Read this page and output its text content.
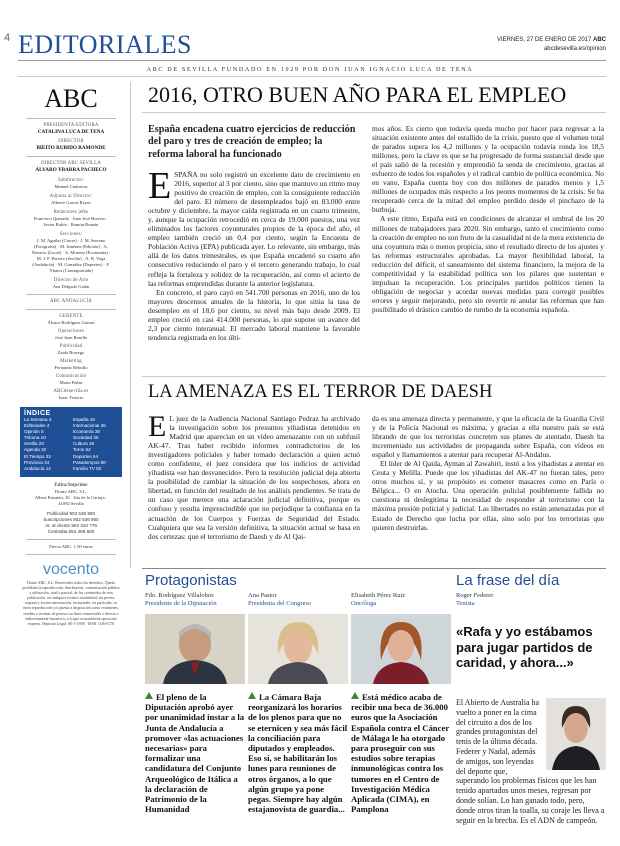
4 EDITORIALES	VIERNES, 27 DE ENERO DE 2017 ABC
abcdesevilla.es/opinion
ABC DE SEVILLA FUNDADO EN 1929 POR DON JUAN IGNACIO LUCA DE TENA
ABC
PRESIDENTA-EDITORA
CATALINA LUCA DE TENA
DIRECTOR
BIEITO RUBIDO RAMONDE
DIRECTOR ABC SEVILLA
ÁLVARO YBARRA PACHECO
Subdirector:
Manuel Contreras
Adjunta al Director:
Alberto García Reyes
Redactores jefes
Francisco Quesada · Juan José Borrero · Javier Rubio · Ramón Román
Secciones:
J. M. Aguilar (Cierre) · J. M. Serrano (Fotografía) · M. Jiménez (Edición) · A. Navarro (Local) · A. Moreno (Economía) · M. J. F. Pereira (Sevilla) · A. R. Vega (Andalucía) · M. González (Deportes) · F. Ybarra (Contraportada)
Director de Arte
Ana Delgado Galán
ABC ANDALUCÍA
GERENTE
Álvaro Rodríguez Guitart
Operaciones
José Juan Bonilla
Publicidad
Zaida Borrego
Marketing
Fernando Rebollo
Comunicación
Marta Peñas
ABCdesevilla.es
Isaac Tenorio
ÍNDICE
La Semana 3	España 16
Editoriales 4	Internacional 26
Opinión 5	Economía 30
Tribuna 10	Sociedad 36
Sevilla 20	Cultura 46
Agenda 32	Toros 62
El Tiempo 33	Deportes 64
Provincia 34	Pasatiempos 80
Andalucía 14	Familia TV 82
Edita/Imprime
Diario ABC, S.L.
Albert Einstein, 10 · Isla de la Cartuja · 41092 Sevilla
Publicidad 902 536 900
Suscripciones 902 536 900
At. al cliente 902 334 776
Centralita 954 488 600
Precio ABC: 1,50 euros
vocento
Diario ABC, S.L. Reservados todos los derechos. Queda prohibida la reproducción, distribución, comunicación pública y utilización, total o parcial, de los contenidos de esta publicación, en cualquier forma o modalidad, sin previa, expresa y escrita autorización, incluyendo, en particular, su mera reproducción y/o puesta a disposición como resúmenes, reseñas o revistas de prensa con fines comerciales o directa o indirectamente lucrativos, a lo que se manifiesta oposición expresa. Depósito Legal: SE-1-1958 · ISSN 1136-0178
2016, OTRO BUEN AÑO PARA EL EMPLEO
España encadena cuatro ejercicios de reducción del paro y tres de creación de empleo; la reforma laboral ha funcionado
E SPAÑA no solo registró un excelente dato de crecimiento en 2016, superior al 3 por ciento, sino que mantuvo un ritmo muy positivo de creación de empleo, con la consiguiente reducción del paro. El número de desempleados bajó en 83.000 entre octubre y diciembre, la mayor caída registrada en un cuarto trimestre, y, aunque la ocupación retrocedió en cerca de 19.000 puestos, una vez eliminados los factores coyunturales propios de la época del año, el empleo también creció un 0,4 por ciento, según la Encuesta de Población Activa (EPA) publicada ayer. Lo relevante, sin embargo, más allá de los datos trimestrales, es que España encadenó su cuarto año consecutivo reduciendo el paro y el tercero generando trabajo, lo cual refleja la fortaleza y solidez de la recuperación, así como el acierto de las reformas emprendidas durante la anterior legislatura.
En concreto, el paro cayó en 541.700 personas en 2016, uno de los mayores descensos anuales de la historia, lo que sitúa la tasa de desempleo en el 18,6 por ciento, su nivel más bajo desde 2009. El empleo creció en casi 414.000 personas, lo que supone un avance del 2,3 por ciento interanual. El mercado laboral mantiene la favorable tendencia registrada en los últi-
mos años. Es cierto que todavía queda mucho por hacer para regresar a la situación existente antes del estallido de la crisis, puesto que el volumen total de parados supera los 4,2 millones y la ocupación todavía ronda los 18,5 millones, pero la clave es que se ha progresado de forma sustancial desde que el país salió de la recesión y emprendió la senda de crecimiento, gracias al esfuerzo de todos los españoles y el radical cambio de política económica. No en vano, España cuenta hoy con dos millones de parados menos y 1,5 millones de ocupados más respecto a los peores momentos de la crisis. Se ha recuperado cerca de la mitad del empleo perdido desde el pinchazo de la burbuja.
A este ritmo, España está en condiciones de alcanzar el umbral de los 20 millones de trabajadores para 2020. Sin embargo, tanto el crecimiento como la creación de empleo no son fruto de la casualidad ni de la mera existencia de una coyuntura más o menos propicia, sino el resultado directo de los ajustes y las reformas estructurales aprobadas. La mayor flexibilidad laboral, la reducción del déficit, el saneamiento del sistema financiero, la mejora de la competitividad y la estabilidad política son los pilares que sustentan e impulsan la recuperación. Los principales partidos políticos tienen la obligación de negociar y acordar nuevas medidas para corregir posibles errores y seguir mejorando, pero sin revertir ni anular las reformas que han posibilitado el drástico cambio de rumbo de la economía española.
LA AMENAZA ES EL TERROR DE DAESH
E L juez de la Audiencia Nacional Santiago Pedraz ha archivado la investigación sobre los presuntos yihadistas detenidos en Madrid que aparecían en un vídeo amenazante con un subfusil AK-47. Tras haber recibido informes contradictorios de los investigadores policiales y haber tomado declaración a quien actuó como confidente, el juez considera que los indicios de actividad yihadista «se han desvanecido». Pero la resolución judicial deja abierta la posibilidad de cambiar la situación de los sospechosos, ahora en libertad, en función del resultado de los análisis pendientes. Se trata de un caso que merece una aclaración judicial definitiva, porque es confuso y resulta imprescindible que no perjudique la confianza en la actuación de los Cuerpos y Fuerzas de Seguridad del Estado. Cualquiera que sea la versión definitiva, la situación actual se basa en dos certezas: que el terrorismo de Daesh y de Al Qai-
da es una amenaza directa y permanente, y que la eficacia de la Guardia Civil y de la Policía Nacional es máxima, y gracias a ella nuestro país se está librando de que los terroristas concreten sus planes de atentado. Daesh ha incrementado sus actividades de propaganda sobre España, con vídeos en español y llamamientos a atentar para recuperar Al-Andalus.
El líder de Al Qaida, Ayman al Zawahiri, instó a los yihadistas a atentar en Ceuta y Melilla. Puede que los yihadistas del AK-47 no fueran tales, pero otros muchos sí, y su propósito es cometer masacres como en París o Bélgica... O en Atocha. Una operación policial posiblemente fallida no cuestiona ni deslegitima la necesidad de responder al terrorismo con la máxima presión policial y judicial. Las libertades no están amenazadas por el Estado de Derecho que lucha por ellas, sino solo por los terroristas que quieren destruirlas.
Protagonistas
Fdo. Rodríguez Villalobos
Presidente de la Diputación
El pleno de la Diputación aprobó ayer por unanimidad instar a la Junta de Andalucía a promover «las actuaciones necesarias» para formalizar una candidatura del Conjunto Arqueológico de Itálica a la declaración de Patrimonio de la Humanidad
Ana Pastor
Presidenta del Congreso
La Cámara Baja reorganizará los horarios de los plenos para que no se eternicen y sea más fácil la conciliación para diputados y empleados. Eso sí, se habilitarán los lunes para reuniones de otros órganos, a lo que algún grupo ya pone pegas. Siempre hay algún estajanovista de guardia...
Elisabeth Pérez Ruiz
Oncóloga
Está médico acaba de recibir una beca de 36.000 euros que la Asociación Española contra el Cáncer de Málaga le ha otorgado para proseguir con sus estudios sobre terapias inmunológicas contra los tumores en el Centro de Investigación Médica Aplicada (CIMA), en Pamplona
La frase del día
Roger Federer
Tenista
«Rafa y yo estábamos para jugar partidos de caridad, y ahora...»
El Abierto de Australia ha vuelto a poner en la cima del circuito a dos de los grandes protagonistas del tenis de la última década. Federer y Nadal, además de amigos, son leyendas del deporte que, superando los problemas físicos que les han tenido apartados unos meses, regresan por donde solían. Lo han ganado todo, pero, donde otros tiran la toalla, su coraje les lleva a seguir en la brecha. Es el ADN de campeón.
